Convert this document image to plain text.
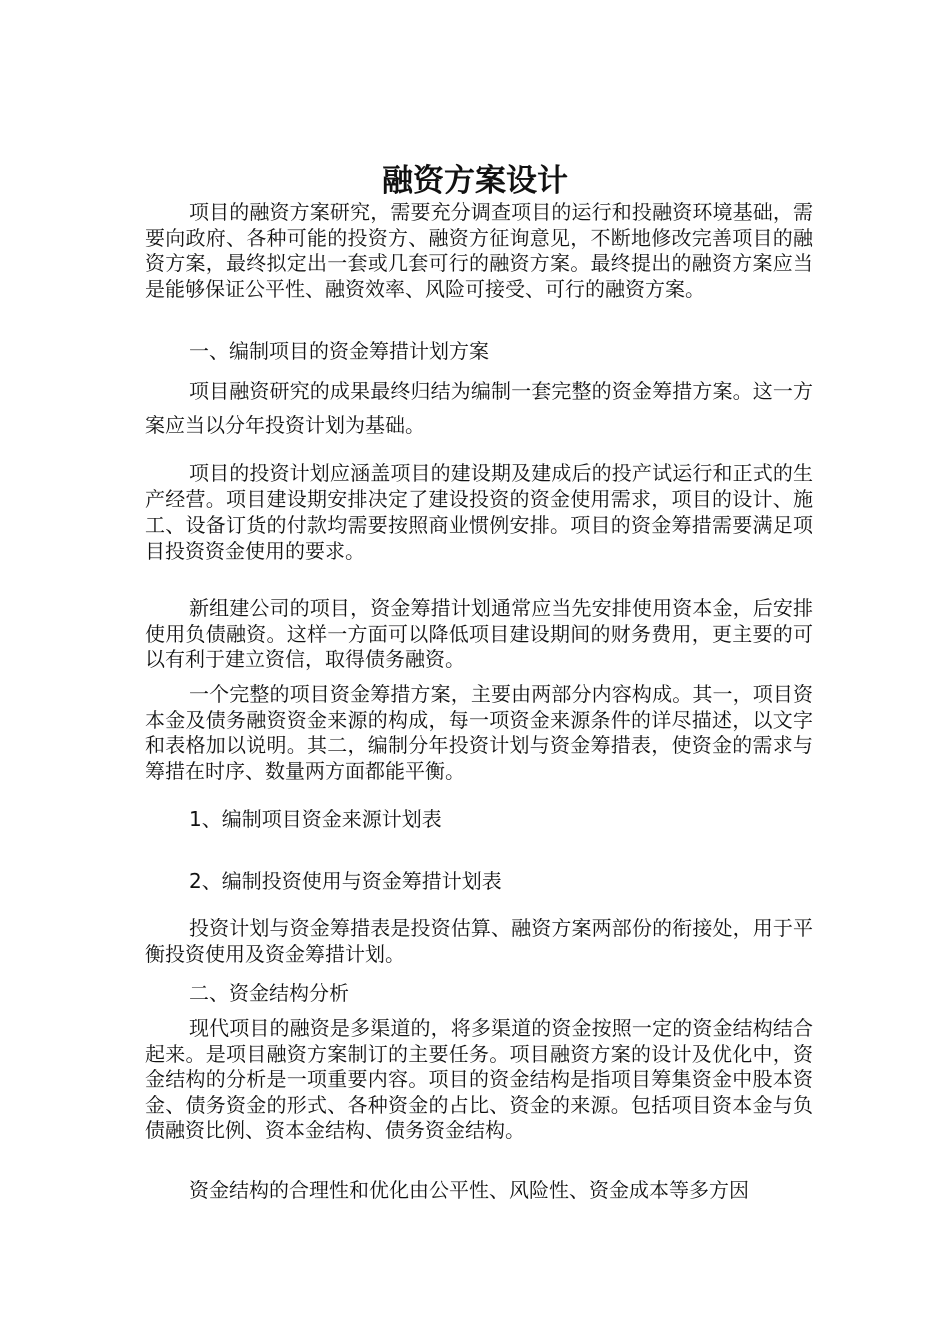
融资方案设计

项目的融资方案研究，需要充分调查项目的运行和投融资环境基础，需要向政府、各种可能的投资方、融资方征询意见，不断地修改完善项目的融资方案，最终拟定出一套或几套可行的融资方案。最终提出的融资方案应当是能够保证公平性、融资效率、风险可接受、可行的融资方案。

一、编制项目的资金筹措计划方案

项目融资研究的成果最终归结为编制一套完整的资金筹措方案。这一方案应当以分年投资计划为基础。

项目的投资计划应涵盖项目的建设期及建成后的投产试运行和正式的生产经营。项目建设期安排决定了建设投资的资金使用需求，项目的设计、施工、设备订货的付款均需要按照商业惯例安排。项目的资金筹措需要满足项目投资资金使用的要求。

新组建公司的项目，资金筹措计划通常应当先安排使用资本金，后安排使用负债融资。这样一方面可以降低项目建设期间的财务费用，更主要的可以有利于建立资信，取得债务融资。

一个完整的项目资金筹措方案，主要由两部分内容构成。其一，项目资本金及债务融资资金来源的构成，每一项资金来源条件的详尽描述，以文字和表格加以说明。其二，编制分年投资计划与资金筹措表，使资金的需求与筹措在时序、数量两方面都能平衡。

1、编制项目资金来源计划表

2、编制投资使用与资金筹措计划表

投资计划与资金筹措表是投资估算、融资方案两部份的衔接处，用于平衡投资使用及资金筹措计划。

二、资金结构分析

现代项目的融资是多渠道的，将多渠道的资金按照一定的资金结构结合起来。是项目融资方案制订的主要任务。项目融资方案的设计及优化中，资金结构的分析是一项重要内容。项目的资金结构是指项目筹集资金中股本资金、债务资金的形式、各种资金的占比、资金的来源。包括项目资本金与负债融资比例、资本金结构、债务资金结构。

资金结构的合理性和优化由公平性、风险性、资金成本等多方因
